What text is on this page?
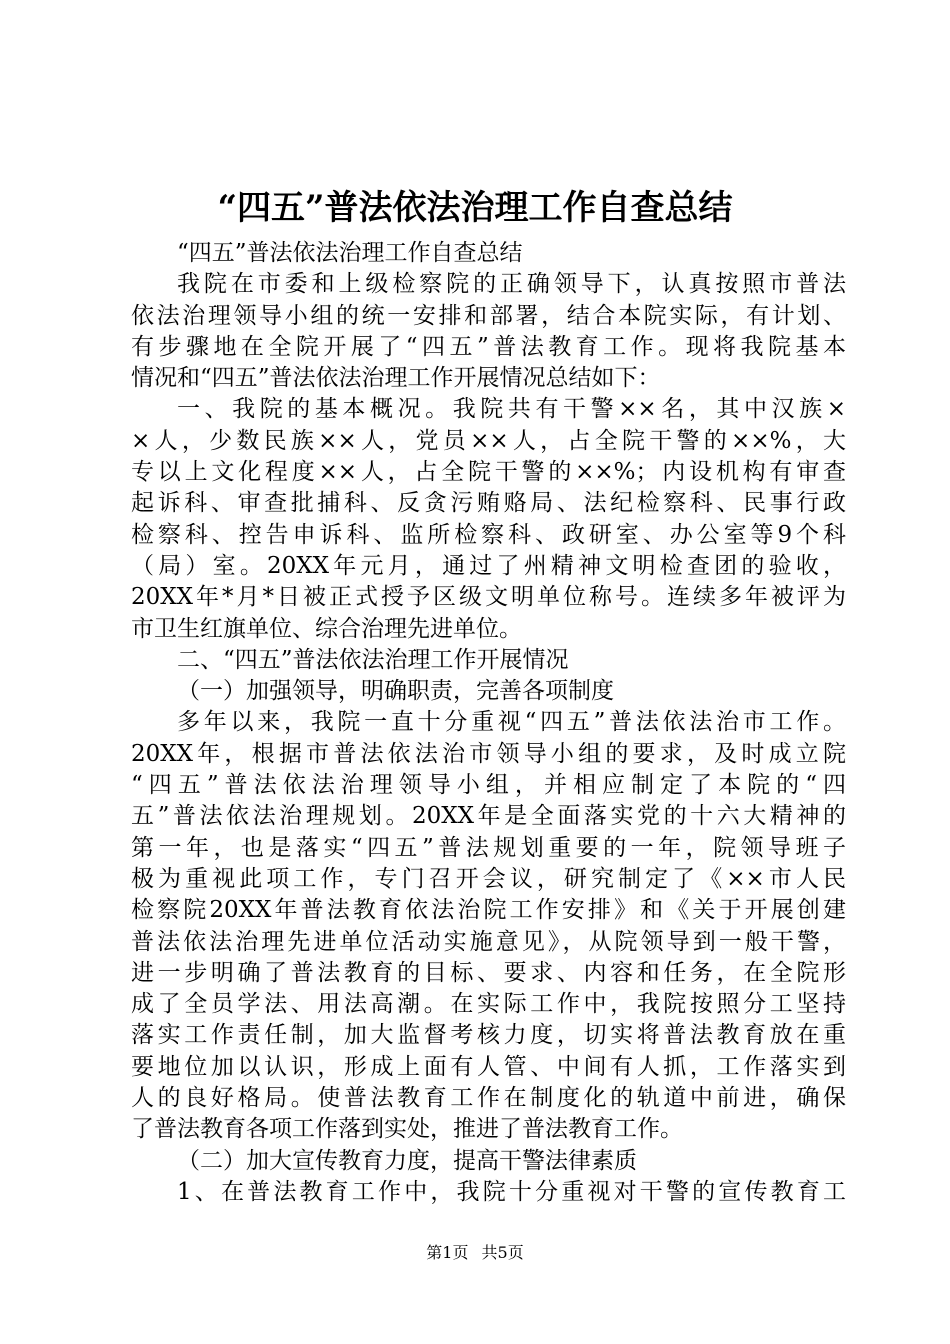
“四五”普法依法治理工作自查总结
“四五”普法依法治理工作自查总结
我院在市委和上级检察院的正确领导下，认真按照市普法
依法治理领导小组的统一安排和部署，结合本院实际，有计划、
有步骤地在全院开展了“四五”普法教育工作。现将我院基本
情况和“四五”普法依法治理工作开展情况总结如下：
一、我院的基本概况。我院共有干警××名，其中汉族×
×人，少数民族××人，党员××人，占全院干警的××%，大
专以上文化程度××人，占全院干警的××%；内设机构有审查
起诉科、审查批捕科、反贪污贿赂局、法纪检察科、民事行政
检察科、控告申诉科、监所检察科、政研室、办公室等9个科
（局）室。20XX年元月，通过了州精神文明检查团的验收，
20XX年*月*日被正式授予区级文明单位称号。连续多年被评为
市卫生红旗单位、综合治理先进单位。
二、“四五”普法依法治理工作开展情况
（一）加强领导，明确职责，完善各项制度
多年以来，我院一直十分重视“四五”普法依法治市工作。
20XX年，根据市普法依法治市领导小组的要求，及时成立院
“四五”普法依法治理领导小组，并相应制定了本院的“四
五”普法依法治理规划。20XX年是全面落实党的十六大精神的
第一年，也是落实“四五”普法规划重要的一年，院领导班子
极为重视此项工作，专门召开会议，研究制定了《××市人民
检察院20XX年普法教育依法治院工作安排》和《关于开展创建
普法依法治理先进单位活动实施意见》，从院领导到一般干警，
进一步明确了普法教育的目标、要求、内容和任务，在全院形
成了全员学法、用法高潮。在实际工作中，我院按照分工坚持
落实工作责任制，加大监督考核力度，切实将普法教育放在重
要地位加以认识，形成上面有人管、中间有人抓，工作落实到
人的良好格局。使普法教育工作在制度化的轨道中前进，确保
了普法教育各项工作落到实处，推进了普法教育工作。
（二）加大宣传教育力度，提高干警法律素质
1、在普法教育工作中，我院十分重视对干警的宣传教育工
第1页 共5页
